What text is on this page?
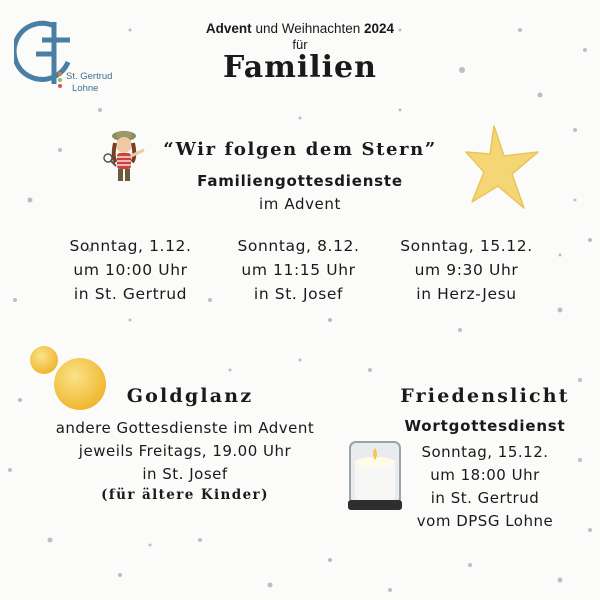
St. Gertrud
Lohne
Advent und Weihnachten 2024
für
Familien
“Wir folgen dem Stern”
Familiengottesdienste
im Advent
Sonntag, 1.12.
um 10:00 Uhr
in St. Gertrud
Sonntag, 8.12.
um 11:15 Uhr
in St. Josef
Sonntag, 15.12.
um 9:30 Uhr
in Herz-Jesu
Goldglanz
andere Gottesdienste im Advent
jeweils Freitags, 19.00 Uhr
in St. Josef
(für ältere Kinder)
Friedenslicht
Wortgottesdienst
Sonntag, 15.12.
um 18:00 Uhr
in St. Gertrud
vom DPSG Lohne
